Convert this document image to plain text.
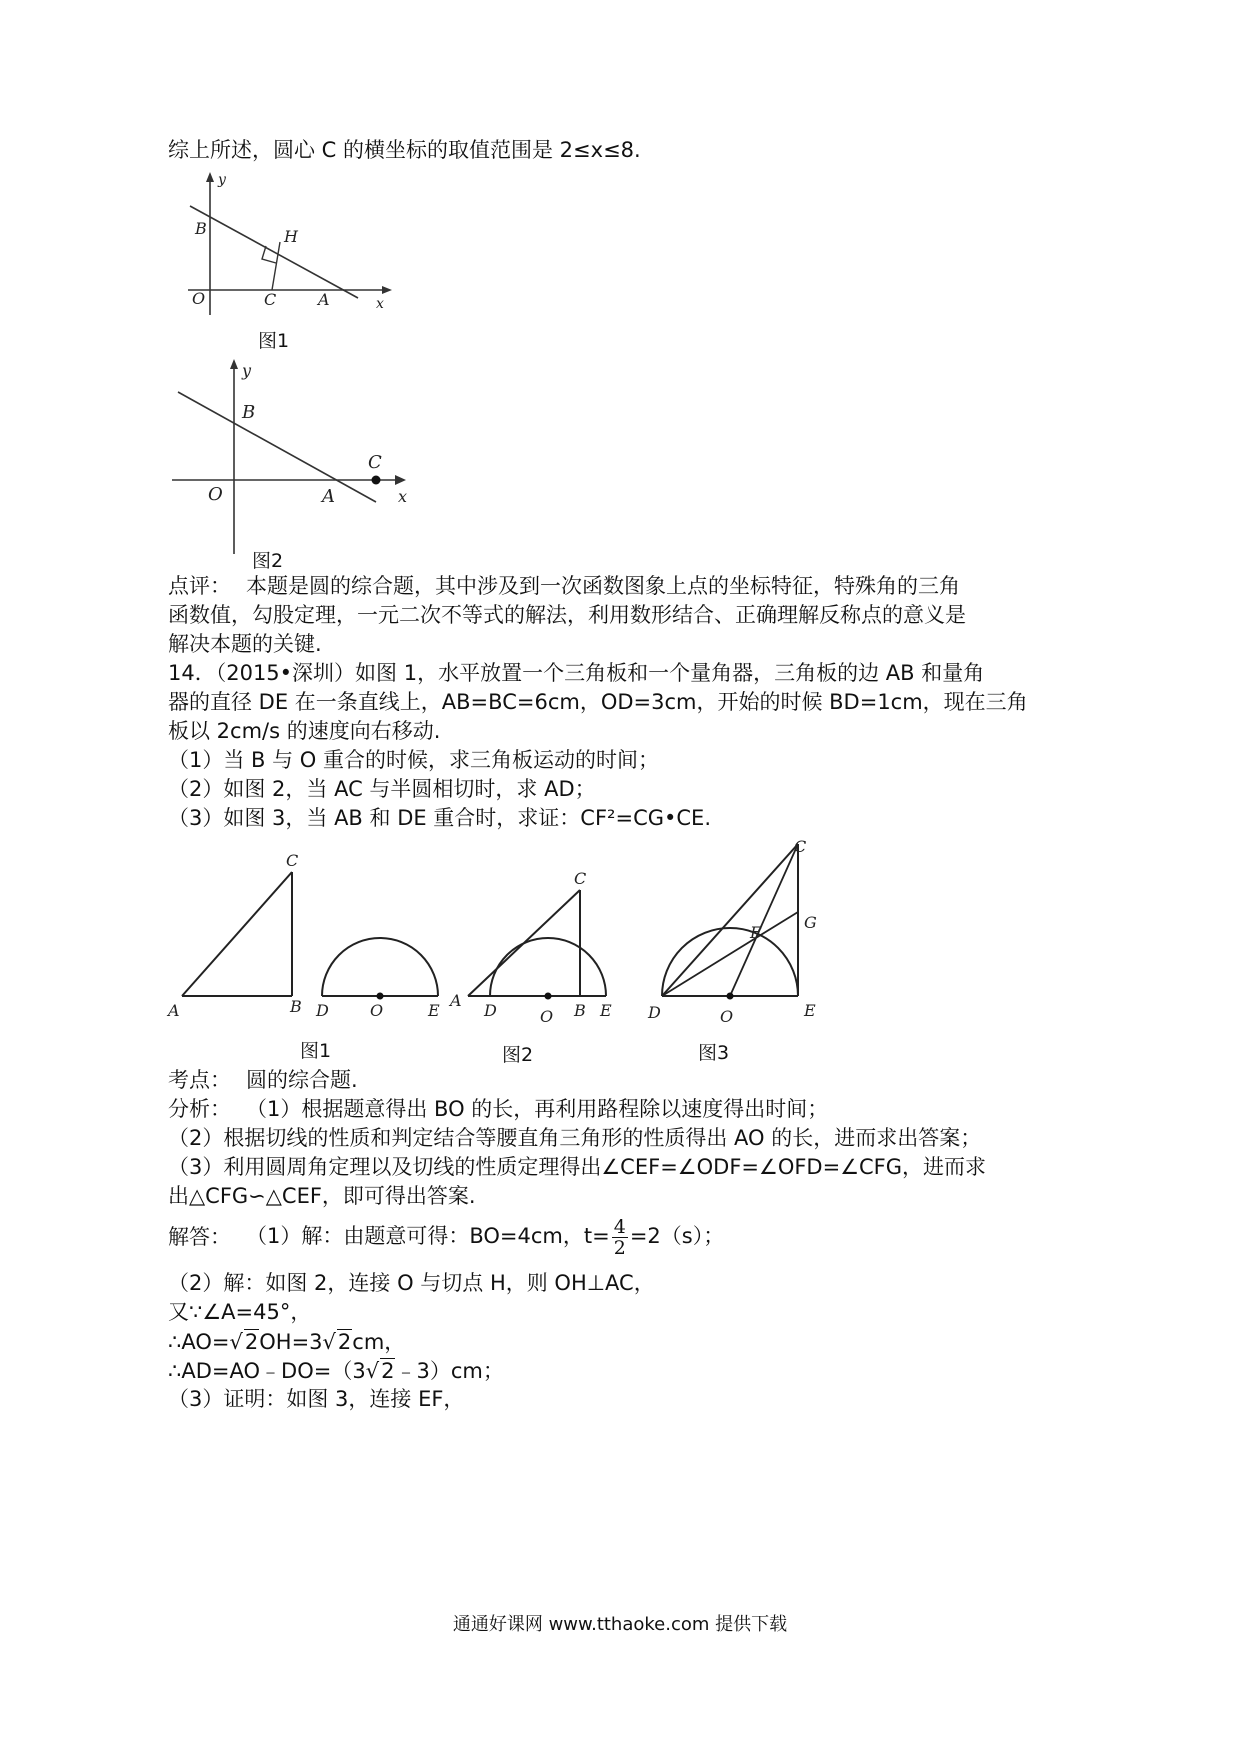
综上所述，圆心 C 的横坐标的取值范围是 2≤x≤8.
y
B	H
O	C	A	x
图1
y
B
O	A
C
x
图2
点评： 本题是圆的综合题，其中涉及到一次函数图象上点的坐标特征，特殊角的三角
函数值，勾股定理，一元二次不等式的解法，利用数形结合、正确理解反称点的意义是
解决本题的关键.
14．（2015•深圳）如图 1，水平放置一个三角板和一个量角器，三角板的边 AB 和量角
器的直径 DE 在一条直线上，AB=BC=6cm，OD=3cm，开始的时候 BD=1cm，现在三角
板以 2cm/s 的速度向右移动.
（1）当 B 与 O 重合的时候，求三角板运动的时间；
（2）如图 2，当 AC 与半圆相切时，求 AD；
（3）如图 3，当 AB 和 DE 重合时，求证：CF²=CG•CE.
A	B
C
D	O	E
A
D	O B E
C
D	O	E
C
G
F
图1	图2	图3
考点： 圆的综合题.
分析： （1）根据题意得出 BO 的长，再利用路程除以速度得出时间；
（2）根据切线的性质和判定结合等腰直角三角形的性质得出 AO 的长，进而求出答案；
（3）利用圆周角定理以及切线的性质定理得出∠CEF=∠ODF=∠OFD=∠CFG，进而求
出△CFG∽△CEF，即可得出答案.
解答： （1）解：由题意可得：BO=4cm，$t= \frac{4}{2} =2(s)$；
（2）解：如图 2，连接 O 与切点 H，则 OH⊥AC，
又∵∠A=45°，
∴AO=√2OH=3√2cm，
∴AD=AO﹣DO=（3√2﹣3）cm；
（3）证明：如图 3，连接 EF，
通通好课网 www.tthaoke.com 提供下载
